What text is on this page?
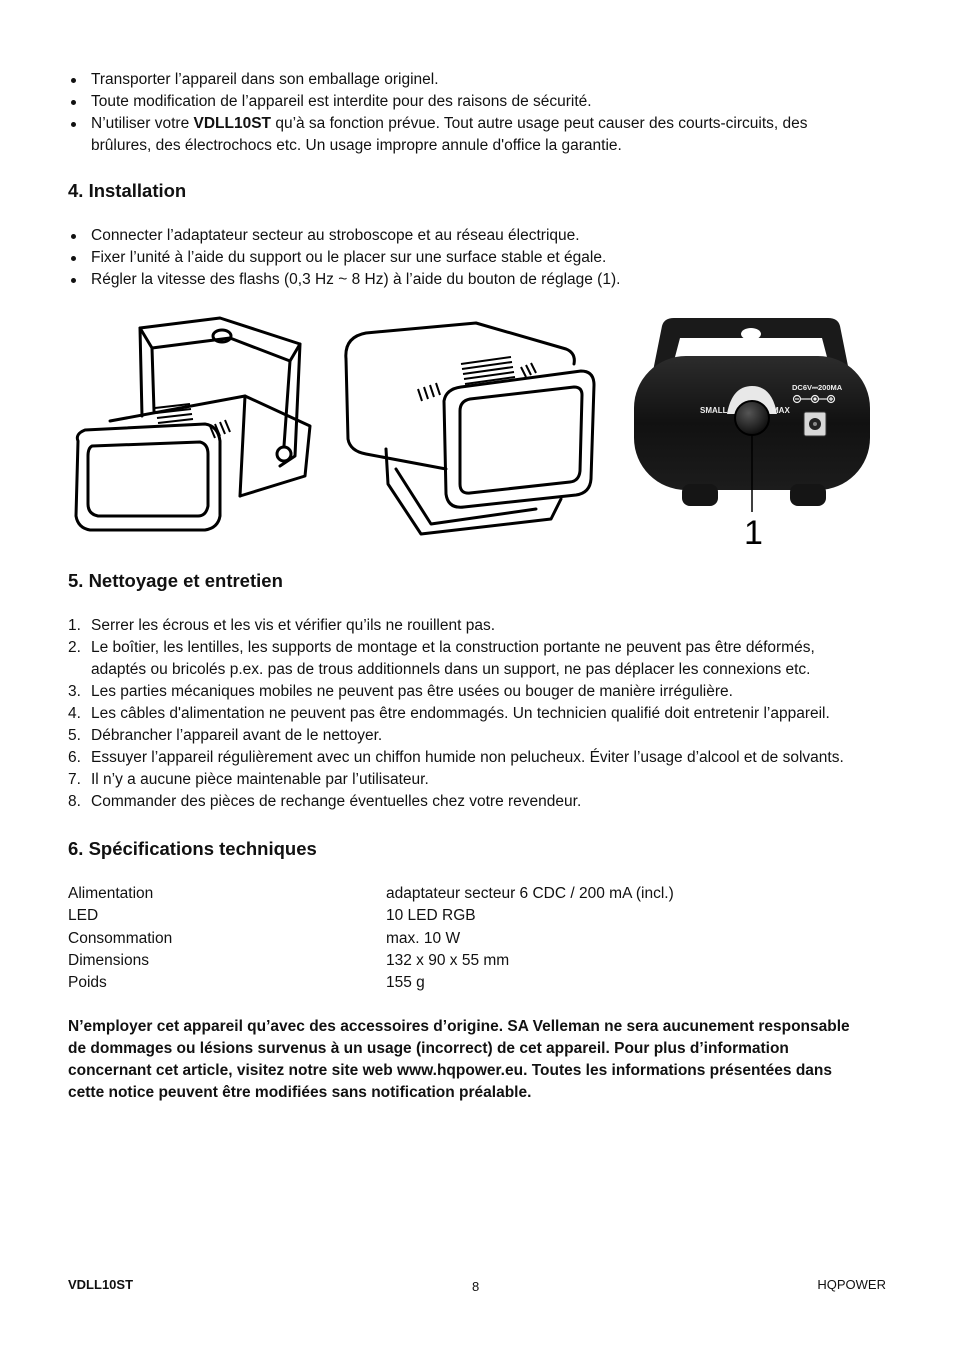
Transporter l’appareil dans son emballage originel.
Toute modification de l’appareil est interdite pour des raisons de sécurité.
N’utiliser votre VDLL10ST qu’à sa fonction prévue. Tout autre usage peut causer des courts-circuits, des brûlures, des électrochocs etc. Un usage impropre annule d'office la garantie.
4. Installation
Connecter l’adaptateur secteur au stroboscope et au réseau électrique.
Fixer l’unité à l’aide du support ou le placer sur une surface stable et égale.
Régler la vitesse des flashs (0,3 Hz ~ 8 Hz) à l’aide du bouton de réglage (1).
SMALL	MAX
DC6V⎓200MA
1
5. Nettoyage et entretien
1. Serrer les écrous et les vis et vérifier qu’ils ne rouillent pas.
2. Le boîtier, les lentilles, les supports de montage et la construction portante ne peuvent pas être déformés, adaptés ou bricolés p.ex. pas de trous additionnels dans un support, ne pas déplacer les connexions etc.
3. Les parties mécaniques mobiles ne peuvent pas être usées ou bouger de manière irrégulière.
4. Les câbles d'alimentation ne peuvent pas être endommagés. Un technicien qualifié doit entretenir l’appareil.
5. Débrancher l’appareil avant de le nettoyer.
6. Essuyer l’appareil régulièrement avec un chiffon humide non pelucheux. Éviter l’usage d’alcool et de solvants.
7. Il n’y a aucune pièce maintenable par l’utilisateur.
8. Commander des pièces de rechange éventuelles chez votre revendeur.
6. Spécifications techniques
Alimentation	adaptateur secteur 6 CDC / 200 mA (incl.)
LED	10 LED RGB
Consommation	max. 10 W
Dimensions	132 x 90 x 55 mm
Poids	155 g

N’employer cet appareil qu’avec des accessoires d’origine. SA Velleman ne sera aucunement responsable de dommages ou lésions survenus à un usage (incorrect) de cet appareil. Pour plus d’information concernant cet article, visitez notre site web www.hqpower.eu. Toutes les informations présentées dans cette notice peuvent être modifiées sans notification préalable.

VDLL10ST	8	HQPOWER
